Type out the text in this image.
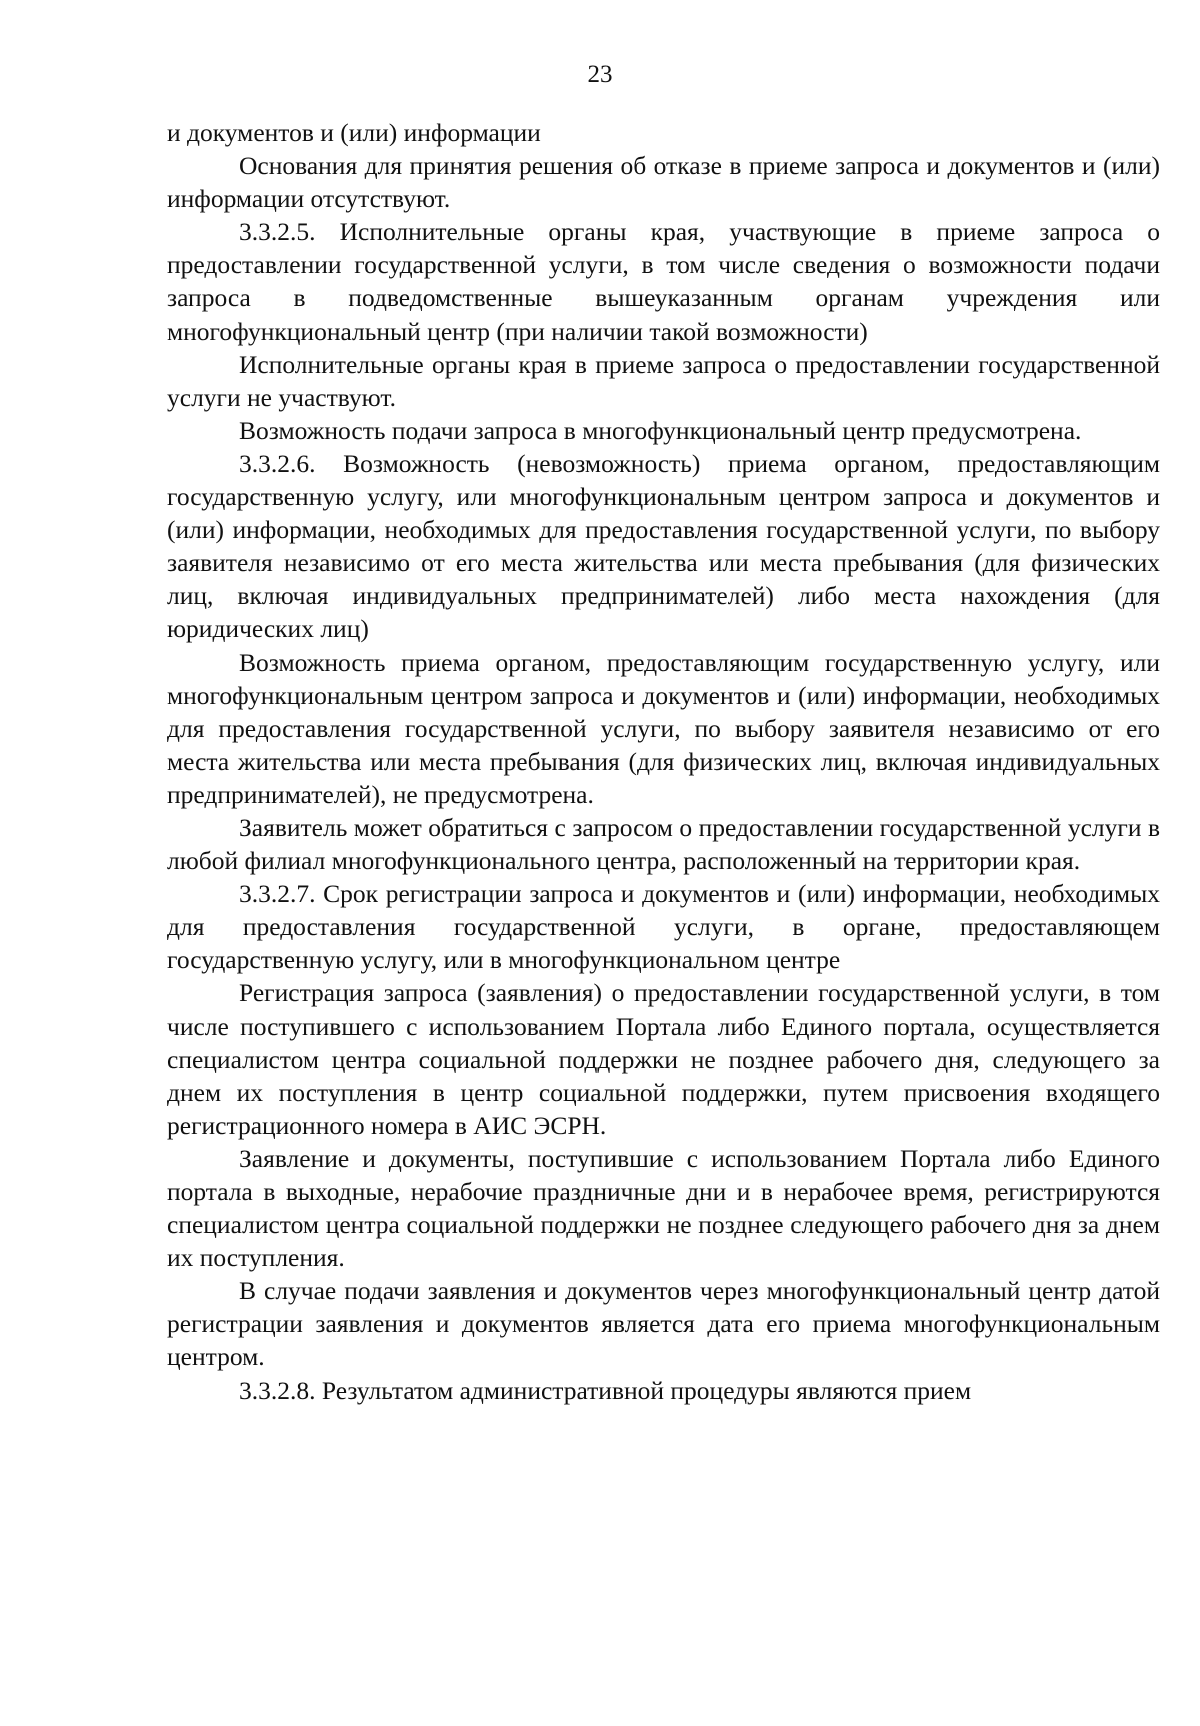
23

и документов и (или) информации

Основания для принятия решения об отказе в приеме запроса и документов и (или) информации отсутствуют.

3.3.2.5. Исполнительные органы края, участвующие в приеме запроса о предоставлении государственной услуги, в том числе сведения о возможности подачи запроса в подведомственные вышеуказанным органам учреждения или многофункциональный центр (при наличии такой возможности)

Исполнительные органы края в приеме запроса о предоставлении государственной услуги не участвуют.

Возможность подачи запроса в многофункциональный центр предусмотрена.

3.3.2.6. Возможность (невозможность) приема органом, предоставляющим государственную услугу, или многофункциональным центром запроса и документов и (или) информации, необходимых для предоставления государственной услуги, по выбору заявителя независимо от его места жительства или места пребывания (для физических лиц, включая индивидуальных предпринимателей) либо места нахождения (для юридических лиц)

Возможность приема органом, предоставляющим государственную услугу, или многофункциональным центром запроса и документов и (или) информации, необходимых для предоставления государственной услуги, по выбору заявителя независимо от его места жительства или места пребывания (для физических лиц, включая индивидуальных предпринимателей), не предусмотрена.

Заявитель может обратиться с запросом о предоставлении государственной услуги в любой филиал многофункционального центра, расположенный на территории края.

3.3.2.7. Срок регистрации запроса и документов и (или) информации, необходимых для предоставления государственной услуги, в органе, предоставляющем государственную услугу, или в многофункциональном центре

Регистрация запроса (заявления) о предоставлении государственной услуги, в том числе поступившего с использованием Портала либо Единого портала, осуществляется специалистом центра социальной поддержки не позднее рабочего дня, следующего за днем их поступления в центр социальной поддержки, путем присвоения входящего регистрационного номера в АИС ЭСРН.

Заявление и документы, поступившие с использованием Портала либо Единого портала в выходные, нерабочие праздничные дни и в нерабочее время, регистрируются специалистом центра социальной поддержки не позднее следующего рабочего дня за днем их поступления.

В случае подачи заявления и документов через многофункциональный центр датой регистрации заявления и документов является дата его приема многофункциональным центром.

3.3.2.8. Результатом административной процедуры являются прием
